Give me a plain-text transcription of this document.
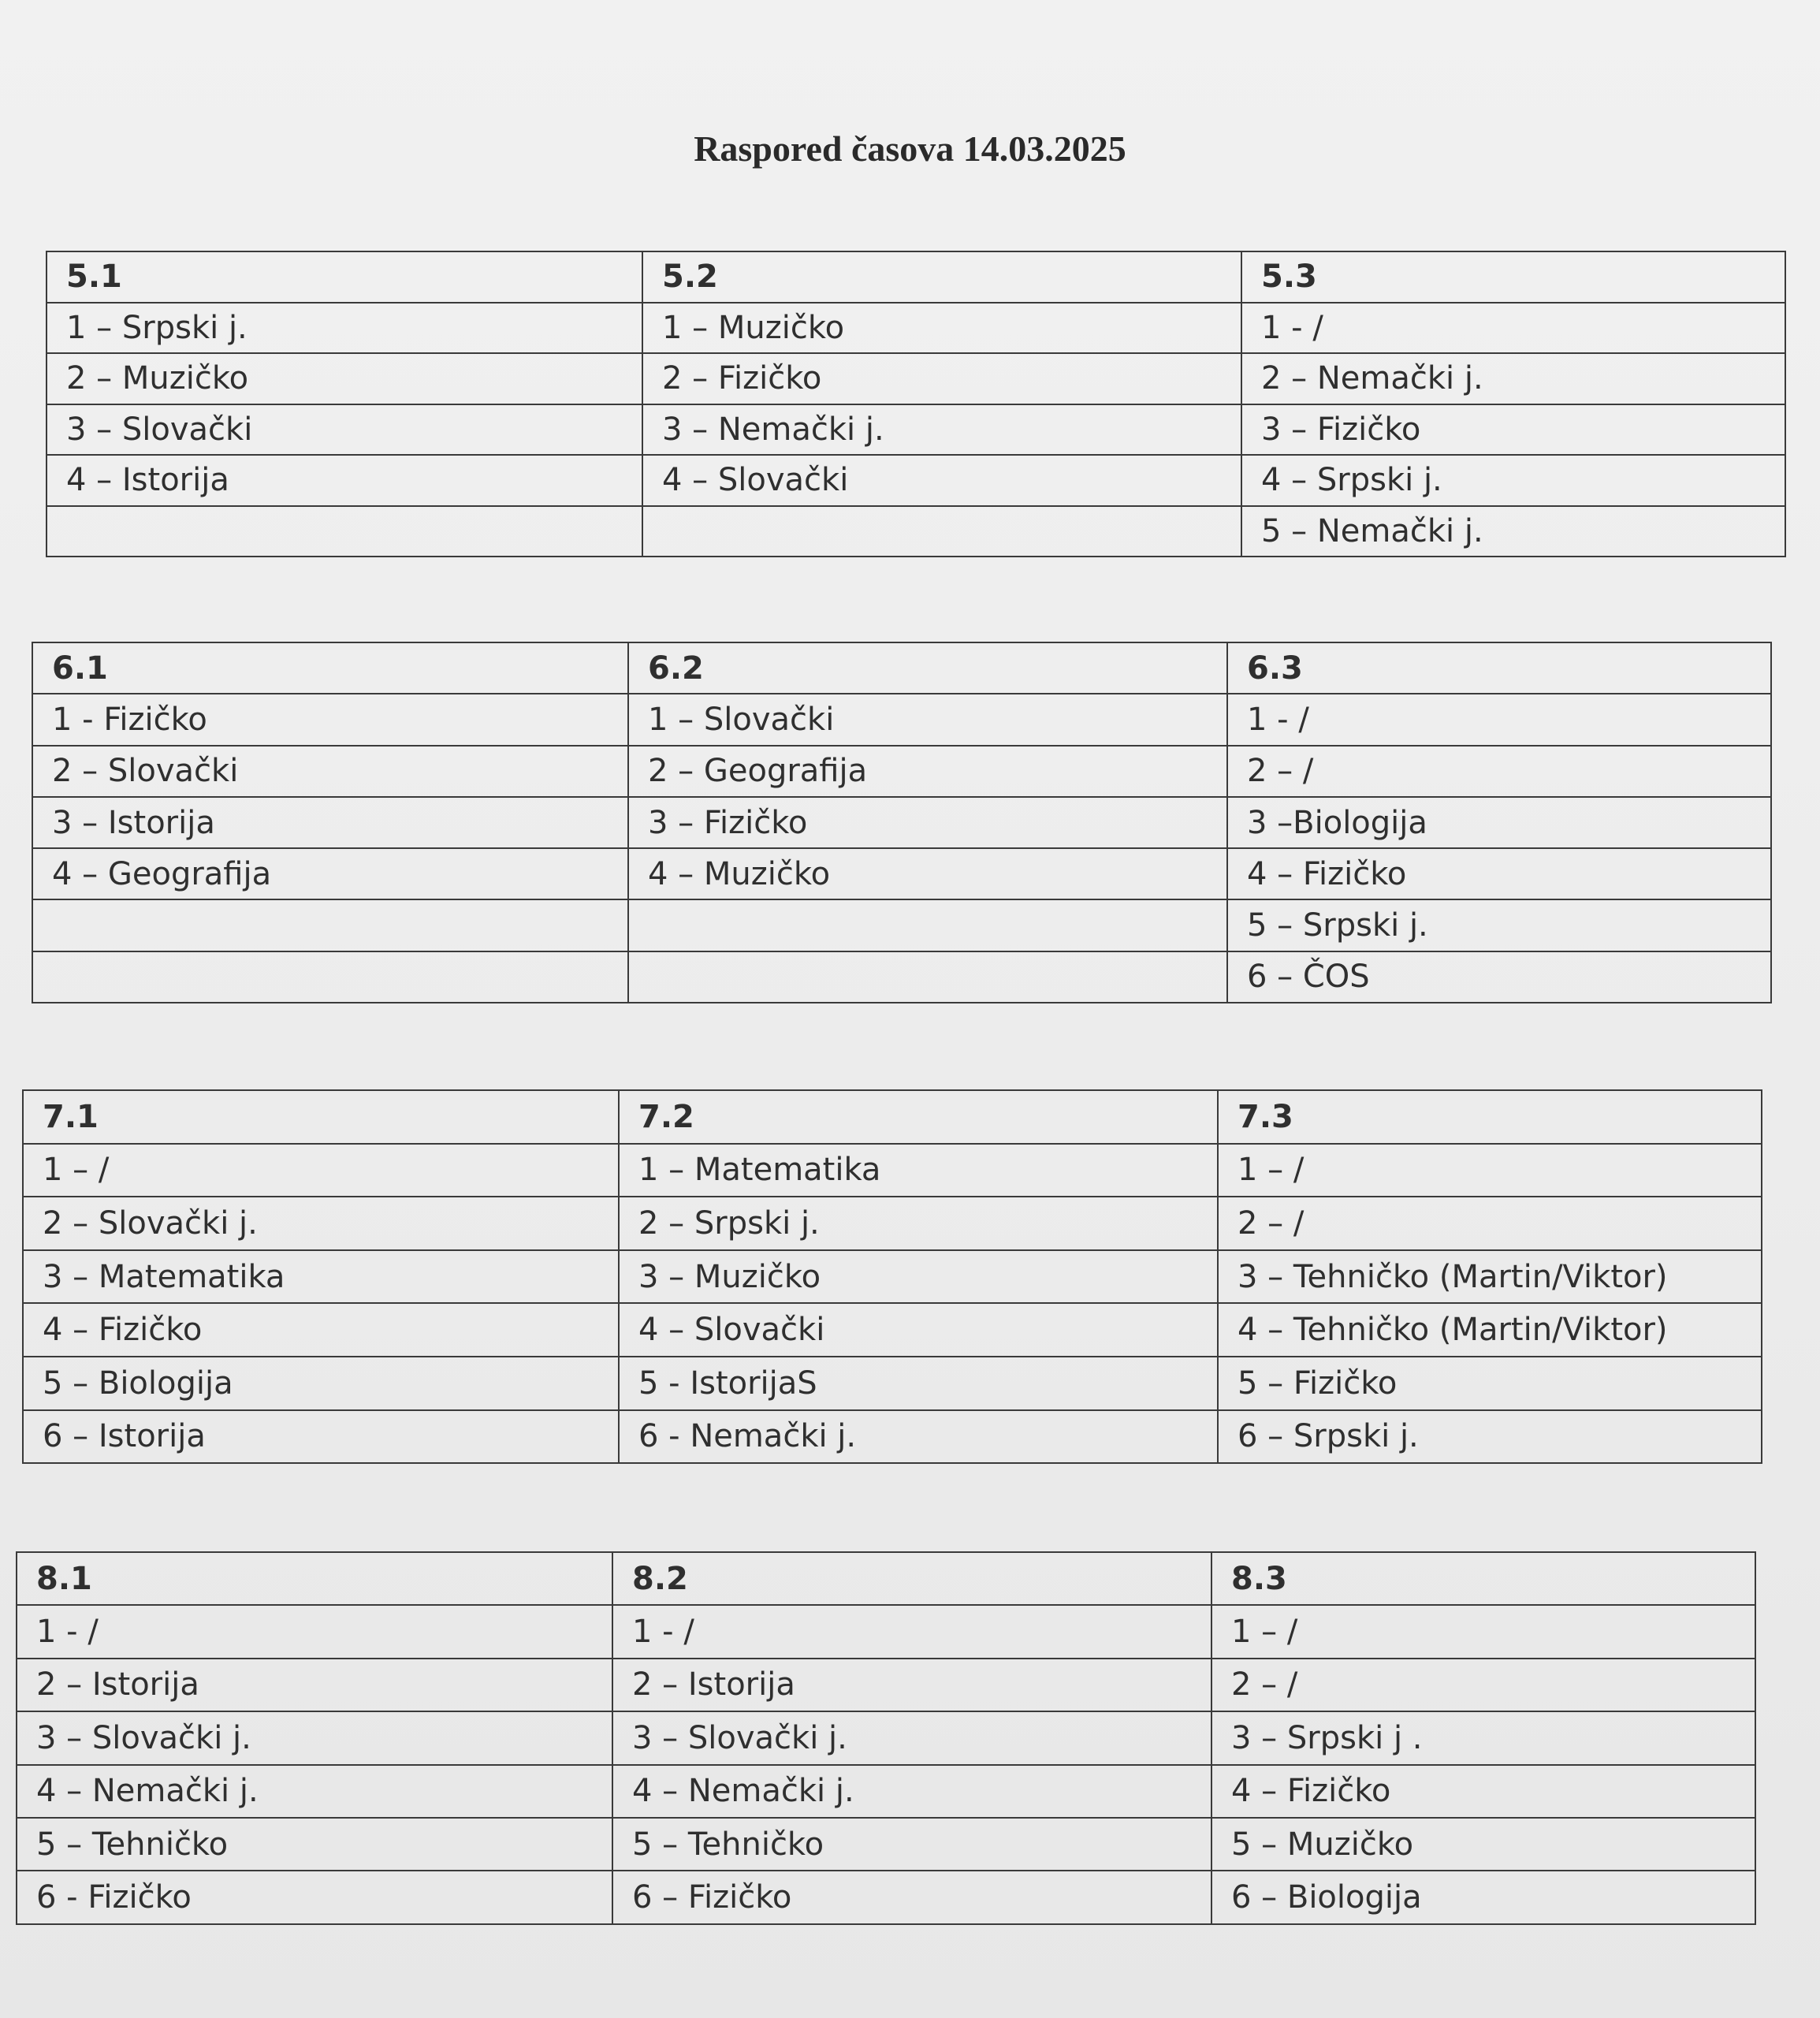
Raspored časova 14.03.2025
5.1	5.2	5.3
1 – Srpski j.	1 – Muzičko	1 - /
2 – Muzičko	2 – Fizičko	2 – Nemački j.
3 – Slovački	3 – Nemački j.	3 – Fizičko
4 – Istorija	4 – Slovački	4 – Srpski j.
		5 – Nemački j.
6.1	6.2	6.3
1 - Fizičko	1 – Slovački	1 - /
2 – Slovački	2 – Geografija	2 – /
3 – Istorija	3 – Fizičko	3 –Biologija
4 – Geografija	4 – Muzičko	4 – Fizičko
		5 – Srpski j.
		6 – ČOS
7.1	7.2	7.3
1 – /	1 – Matematika	1 – /
2 – Slovački j.	2 – Srpski j.	2 – /
3 – Matematika	3 – Muzičko	3 – Tehničko (Martin/Viktor)
4 – Fizičko	4 – Slovački	4 – Tehničko (Martin/Viktor)
5 – Biologija	5 - IstorijaS	5 – Fizičko
6 – Istorija	6 - Nemački j.	6 – Srpski j.
8.1	8.2	8.3
1 - /	1 - /	1 – /
2 – Istorija	2 – Istorija	2 – /
3 – Slovački j.	3 – Slovački j.	3 – Srpski j .
4 – Nemački j.	4 – Nemački j.	4 – Fizičko
5 – Tehničko	5 – Tehničko	5 – Muzičko
6 - Fizičko	6 – Fizičko	6 – Biologija
